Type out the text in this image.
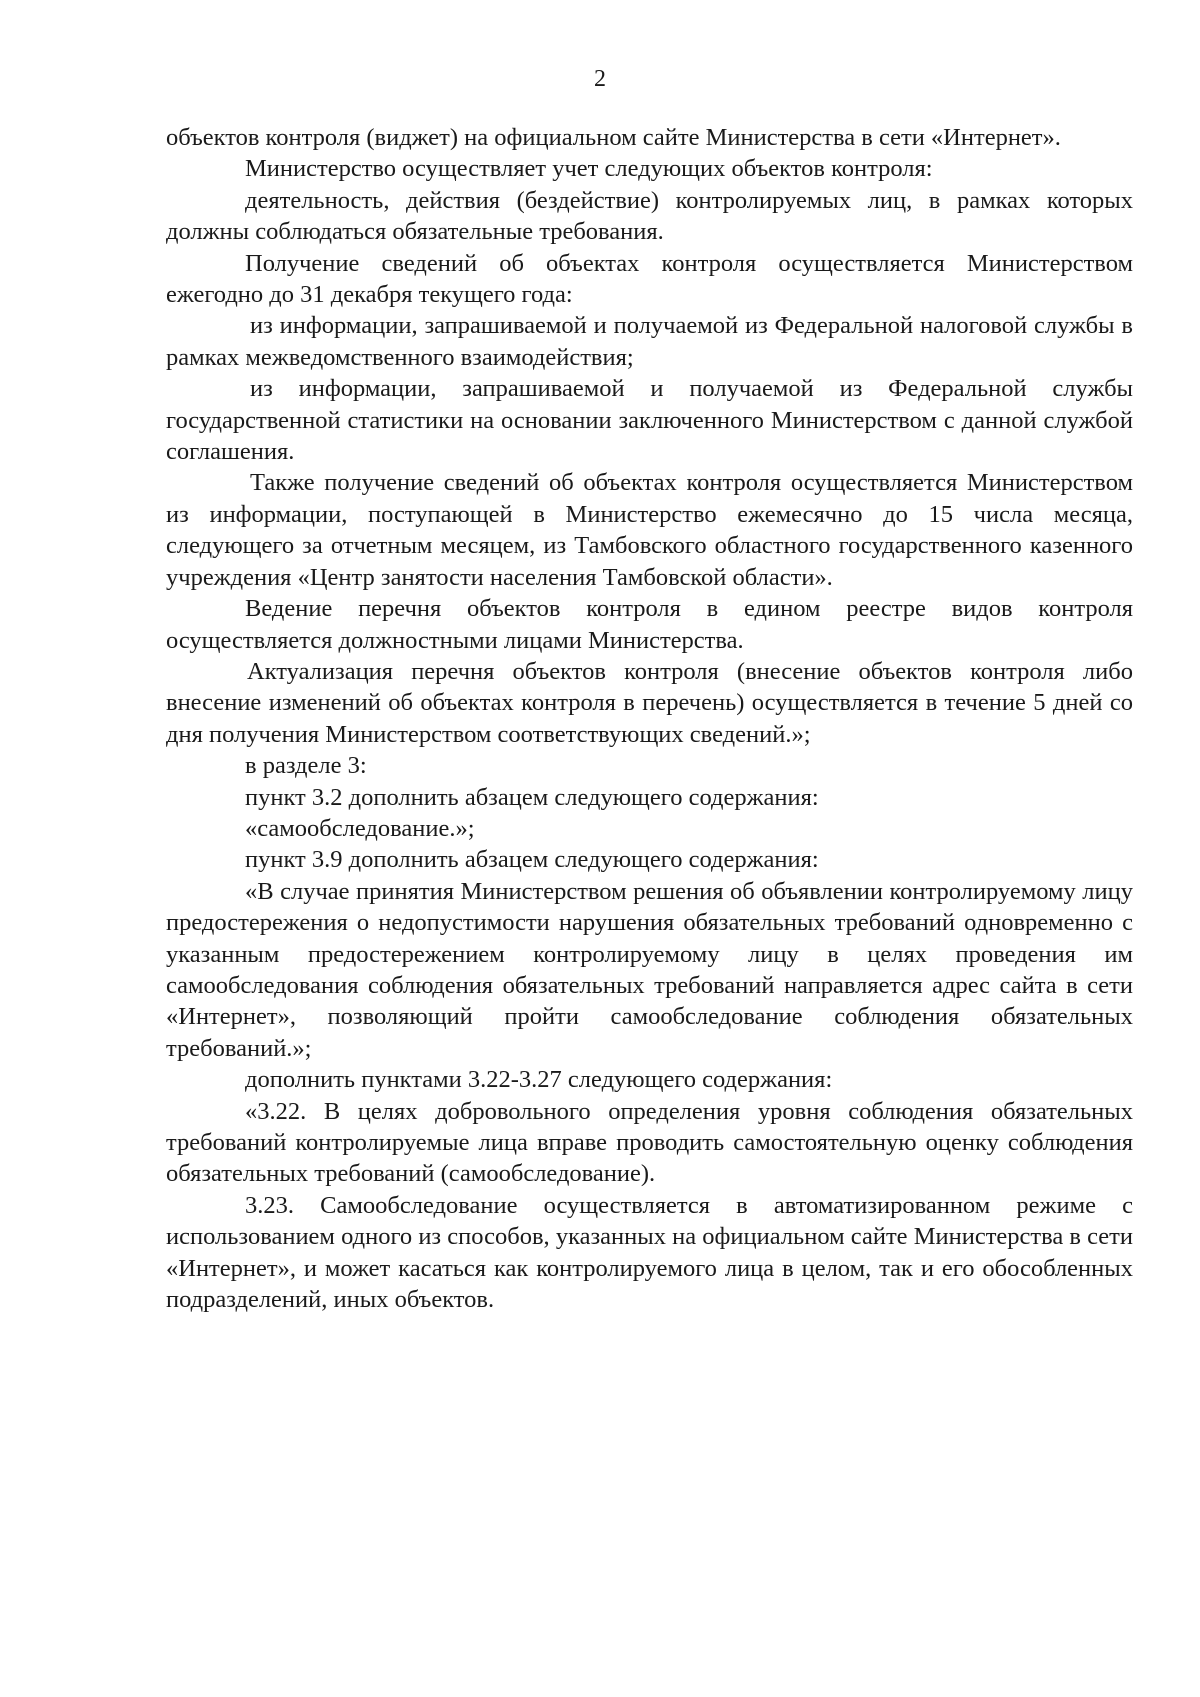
2

объектов контроля (виджет) на официальном сайте Министерства в сети «Интернет».

Министерство осуществляет учет следующих объектов контроля:

деятельность, действия (бездействие) контролируемых лиц, в рамках которых должны соблюдаться обязательные требования.

Получение сведений об объектах контроля осуществляется Министерством ежегодно до 31 декабря текущего года:

из информации, запрашиваемой и получаемой из Федеральной налоговой службы в рамках межведомственного взаимодействия;

из информации, запрашиваемой и получаемой из Федеральной службы государственной статистики на основании заключенного Министерством с данной службой соглашения.

Также получение сведений об объектах контроля осуществляется Министерством из информации, поступающей в Министерство ежемесячно до 15 числа месяца, следующего за отчетным месяцем, из Тамбовского областного государственного казенного учреждения «Центр занятости населения Тамбовской области».

Ведение перечня объектов контроля в едином реестре видов контроля осуществляется должностными лицами Министерства.

Актуализация перечня объектов контроля (внесение объектов контроля либо внесение изменений об объектах контроля в перечень) осуществляется в течение 5 дней со дня получения Министерством соответствующих сведений.»;

в разделе 3:

пункт 3.2 дополнить абзацем следующего содержания:

«самообследование.»;

пункт 3.9 дополнить абзацем следующего содержания:

«В случае принятия Министерством решения об объявлении контролируемому лицу предостережения о недопустимости нарушения обязательных требований одновременно с указанным предостережением контролируемому лицу в целях проведения им самообследования соблюдения обязательных требований направляется адрес сайта в сети «Интернет», позволяющий пройти самообследование соблюдения обязательных требований.»;

дополнить пунктами 3.22-3.27 следующего содержания:

«3.22. В целях добровольного определения уровня соблюдения обязательных требований контролируемые лица вправе проводить самостоятельную оценку соблюдения обязательных требований (самообследование).

3.23. Самообследование осуществляется в автоматизированном режиме с использованием одного из способов, указанных на официальном сайте Министерства в сети «Интернет», и может касаться как контролируемого лица в целом, так и его обособленных подразделений, иных объектов.
